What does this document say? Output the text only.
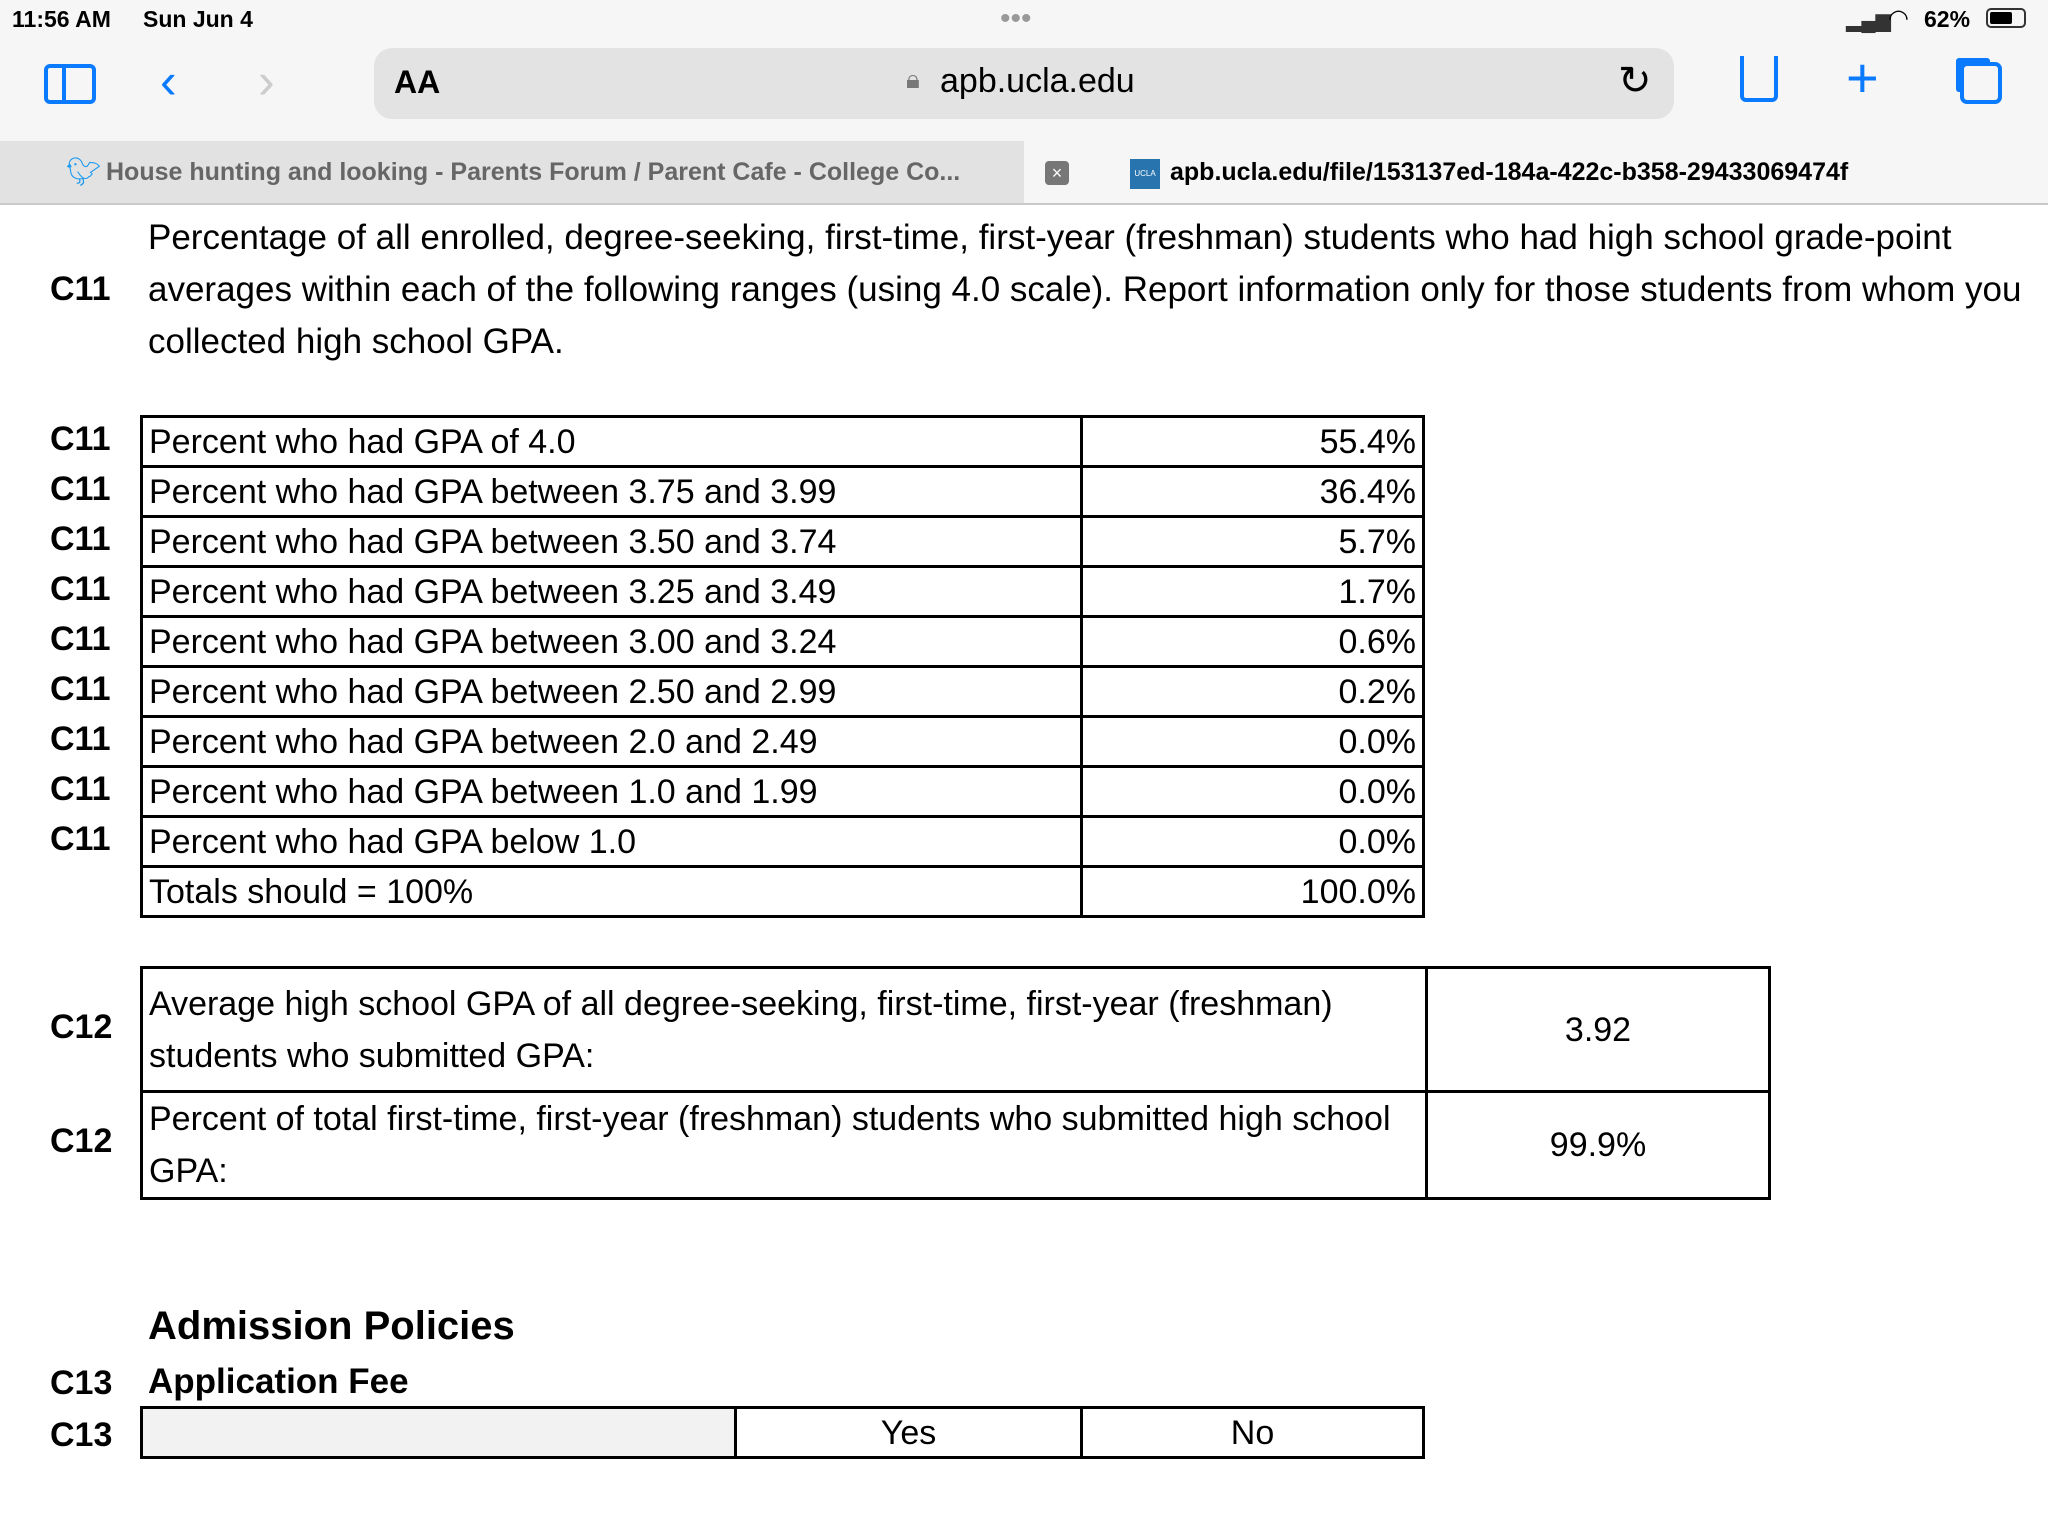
11:56 AM Sun Jun 4	•••	▂▄▆
◠ 62%
‹ ›	AA	🔒︎ apb.ucla.edu	↻	+
🐦︎ House hunting and looking - Parents Forum / Parent Cafe - College Co...	×	UCLA apb.ucla.edu/file/153137ed-184a-422c-b358-29433069474f
C11

Percentage of all enrolled, degree-seeking, first-time, first-year (freshman) students who had high school grade-point averages within each of the following ranges (using 4.0 scale). Report information only for those students from whom you collected high school GPA.

C11
C11
C11
C11
C11
C11
C11
C11
C11
Percent who had GPA of 4.0	55.4%
Percent who had GPA between 3.75 and 3.99	36.4%
Percent who had GPA between 3.50 and 3.74	5.7%
Percent who had GPA between 3.25 and 3.49	1.7%
Percent who had GPA between 3.00 and 3.24	0.6%
Percent who had GPA between 2.50 and 2.99	0.2%
Percent who had GPA between 2.0 and 2.49	0.0%
Percent who had GPA between 1.0 and 1.99	0.0%
Percent who had GPA below 1.0	0.0%
Totals should = 100%	100.0%
Average high school GPA of all degree-seeking, first-time, first-year (freshman) students who submitted GPA:	3.92
Percent of total first-time, first-year (freshman) students who submitted high school GPA:	99.9%
C12
C12
Admission Policies
C13 Application Fee
C13
		Yes	No
